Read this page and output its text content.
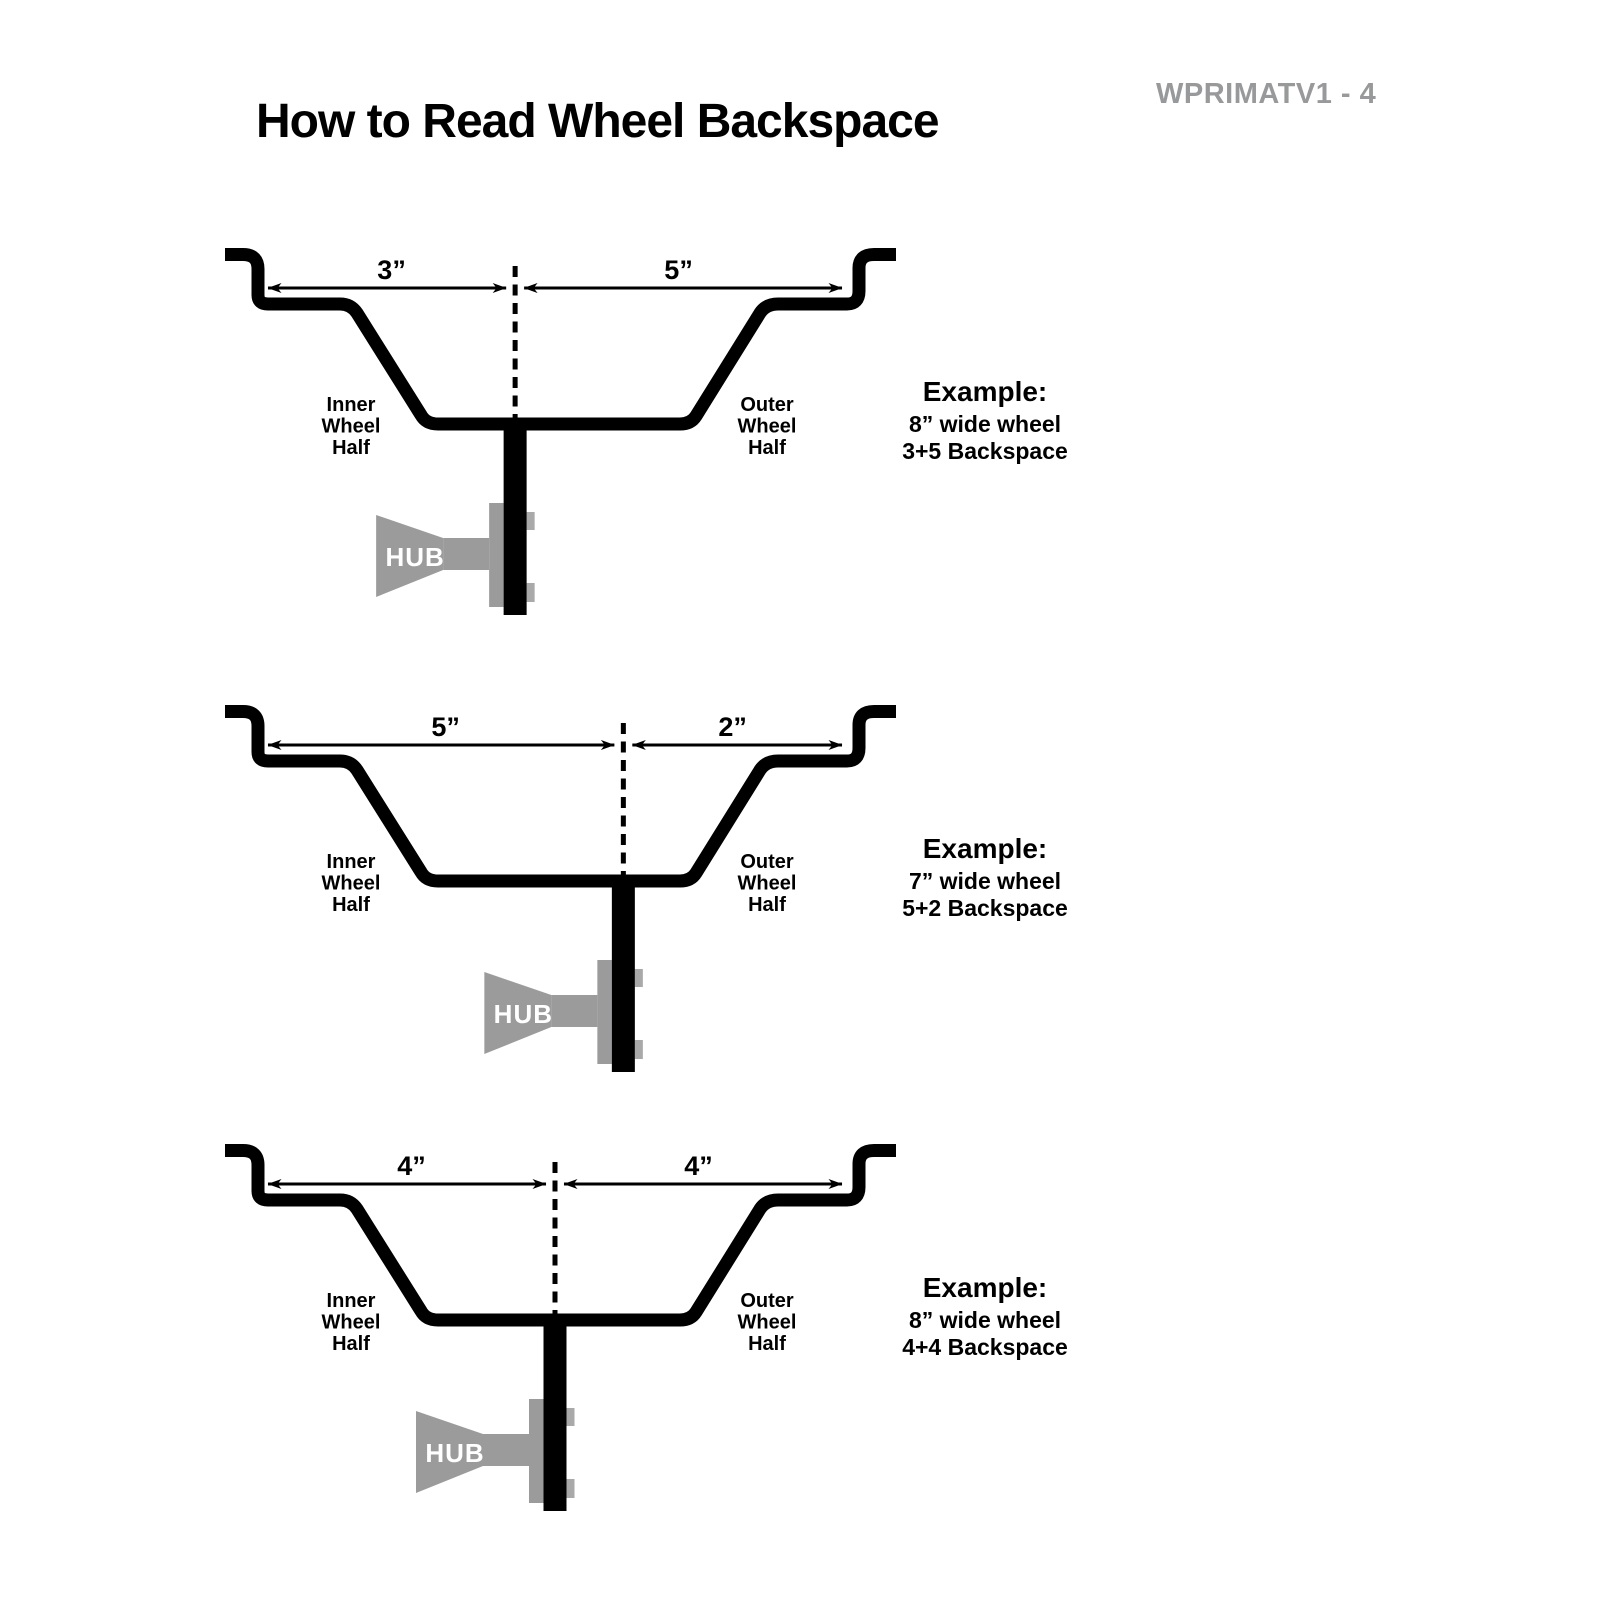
How to Read Wheel Backspace
WPRIMATV1 - 4
3”	5”
Inner
Wheel
Half
Outer
Wheel
Half
HUB
Example:
8” wide wheel
3+5 Backspace
5”	2”
Inner
Wheel
Half
Outer
Wheel
Half
HUB
Example:
7” wide wheel
5+2 Backspace
4”	4”
Inner
Wheel
Half
Outer
Wheel
Half
HUB
Example:
8” wide wheel
4+4 Backspace
